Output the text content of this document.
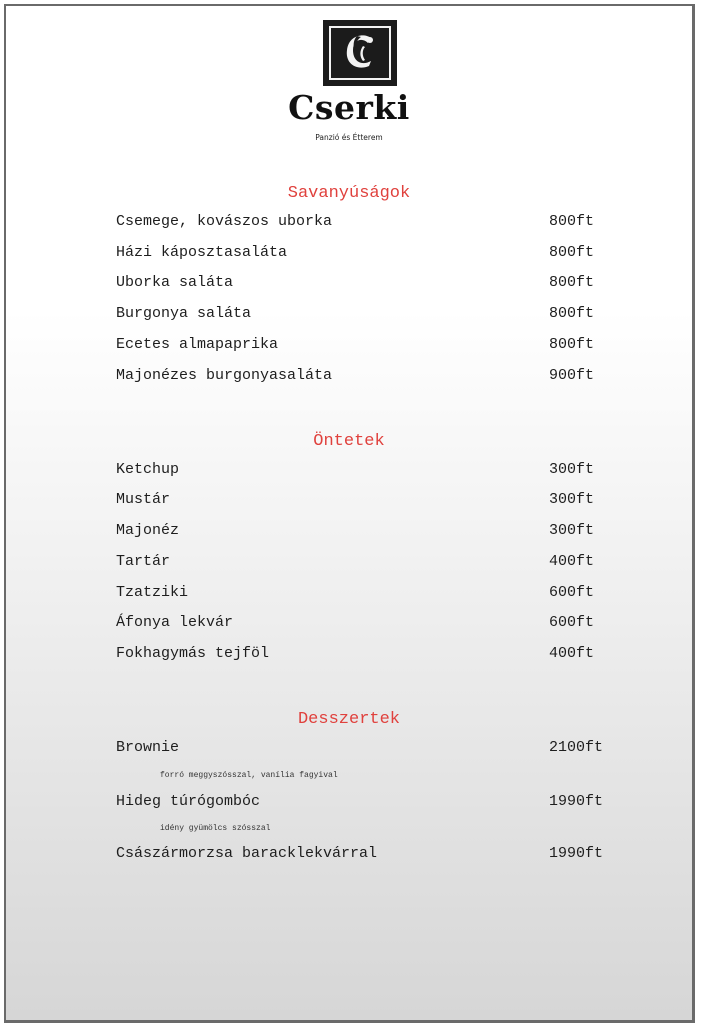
Cserki
Panzió és Étterem
Savanyúságok
Csemege, kovászos uborka	800ft
Házi káposztasaláta	800ft
Uborka saláta	800ft
Burgonya saláta	800ft
Ecetes almapaprika	800ft
Majonézes burgonyasaláta	900ft
Öntetek
Ketchup	300ft
Mustár	300ft
Majonéz	300ft
Tartár	400ft
Tzatziki	600ft
Áfonya lekvár	600ft
Fokhagymás tejföl	400ft
Desszertek
Brownie	2100ft
forró meggyszósszal, vanília fagyival
Hideg túrógombóc	1990ft
idény gyümölcs szósszal
Császármorzsa baracklekvárral	1990ft
